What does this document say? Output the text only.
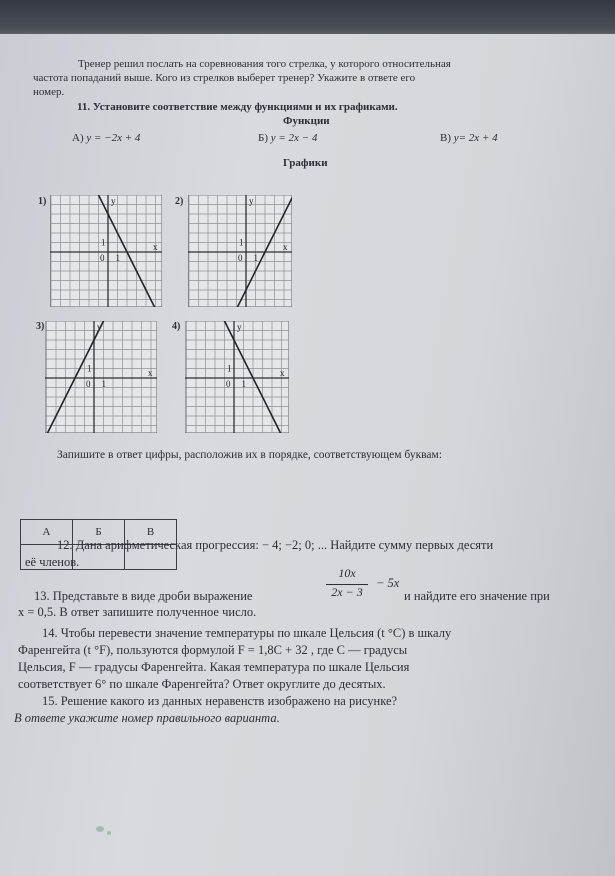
Тренер решил послать на соревнования того стрелка, у которого относительная
частота попаданий выше. Кого из стрелков выберет тренер? Укажите в ответе его
номер.
11. Установите соответствие между функциями и их графиками.
Функции
А) y = −2x + 4	Б) y = 2x − 4	В) y= 2x + 4
Графики
1)	2)
3)	4)
y
x
0 1
1
y
x
0 1
1
y
x
0 1
1
y
x
0 1
1
Запишите в ответ цифры, расположив их в порядке, соответствующем буквам:
А	Б	В

12. Дана арифметическая прогрессия: − 4; −2; 0; ... Найдите сумму первых десяти
её членов.
13. Представьте в виде дроби выражение
10x
2x − 3
− 5x
и найдите его значение при
x = 0,5. В ответ запишите полученное число.
14. Чтобы перевести значение температуры по шкале Цельсия (t °C) в шкалу
Фаренгейта (t °F), пользуются формулой F = 1,8C + 32 , где C — градусы
Цельсия, F — градусы Фаренгейта. Какая температура по шкале Цельсия
соответствует 6° по шкале Фаренгейта? Ответ округлите до десятых.
15. Решение какого из данных неравенств изображено на рисунке?
В ответе укажите номер правильного варианта.
